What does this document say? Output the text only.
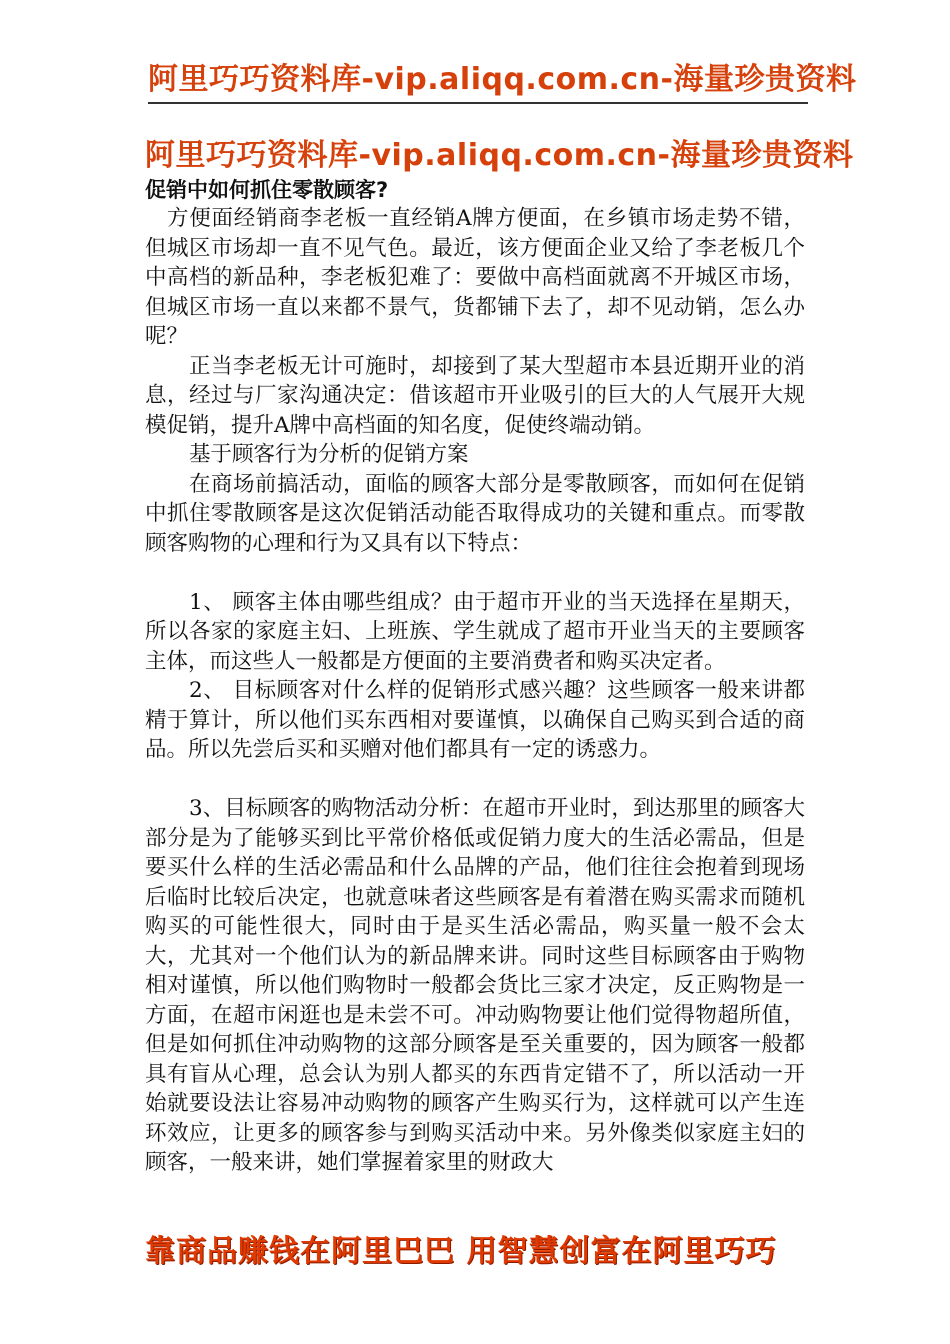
阿里巧巧资料库-vip.aliqq.com.cn-海量珍贵资料
阿里巧巧资料库-vip.aliqq.com.cn-海量珍贵资料

促销中如何抓住零散顾客?

方便面经销商李老板一直经销A牌方便面，在乡镇市场走势不错，但城区市场却一直不见气色。最近，该方便面企业又给了李老板几个中高档的新品种，李老板犯难了：要做中高档面就离不开城区市场，但城区市场一直以来都不景气，货都铺下去了，却不见动销，怎么办呢？

正当李老板无计可施时，却接到了某大型超市本县近期开业的消息，经过与厂家沟通决定：借该超市开业吸引的巨大的人气展开大规模促销，提升A牌中高档面的知名度，促使终端动销。

基于顾客行为分析的促销方案

在商场前搞活动，面临的顾客大部分是零散顾客，而如何在促销中抓住零散顾客是这次促销活动能否取得成功的关键和重点。而零散顾客购物的心理和行为又具有以下特点：

1、 顾客主体由哪些组成？由于超市开业的当天选择在星期天，所以各家的家庭主妇、上班族、学生就成了超市开业当天的主要顾客主体，而这些人一般都是方便面的主要消费者和购买决定者。

2、 目标顾客对什么样的促销形式感兴趣？这些顾客一般来讲都精于算计，所以他们买东西相对要谨慎，以确保自己购买到合适的商品。所以先尝后买和买赠对他们都具有一定的诱惑力。

3、目标顾客的购物活动分析：在超市开业时，到达那里的顾客大部分是为了能够买到比平常价格低或促销力度大的生活必需品，但是要买什么样的生活必需品和什么品牌的产品，他们往往会抱着到现场后临时比较后决定，也就意味者这些顾客是有着潜在购买需求而随机购买的可能性很大，同时由于是买生活必需品，购买量一般不会太大，尤其对一个他们认为的新品牌来讲。同时这些目标顾客由于购物相对谨慎，所以他们购物时一般都会货比三家才决定，反正购物是一方面，在超市闲逛也是未尝不可。冲动购物要让他们觉得物超所值，但是如何抓住冲动购物的这部分顾客是至关重要的，因为顾客一般都具有盲从心理，总会认为别人都买的东西肯定错不了，所以活动一开始就要设法让容易冲动购物的顾客产生购买行为，这样就可以产生连环效应，让更多的顾客参与到购买活动中来。另外像类似家庭主妇的顾客，一般来讲，她们掌握着家里的财政大

靠商品赚钱在阿里巴巴 用智慧创富在阿里巧巧
